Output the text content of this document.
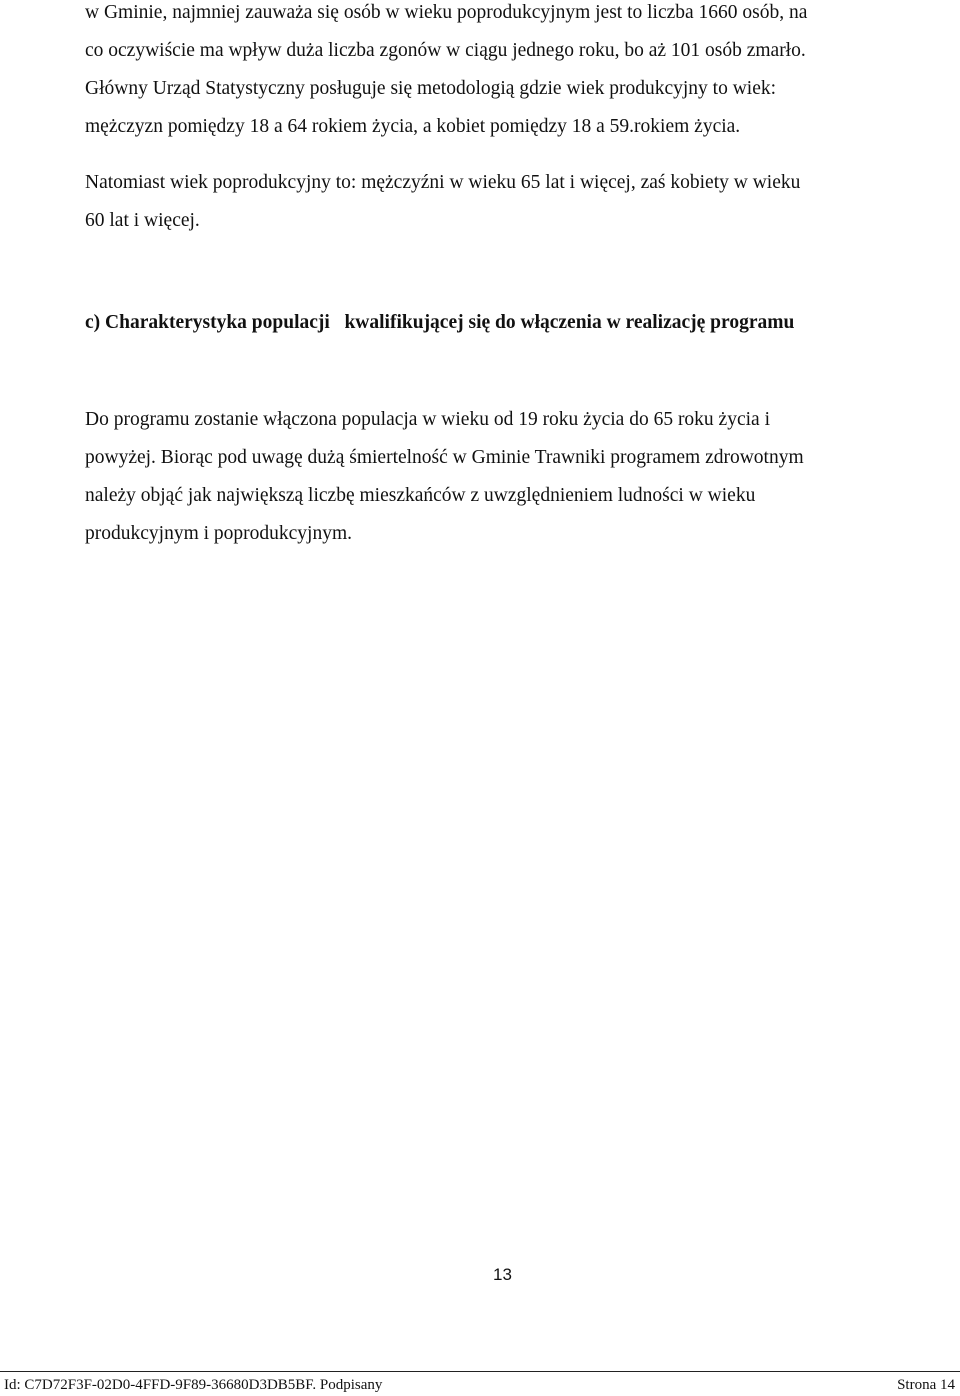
w Gminie, najmniej zauważa się osób w wieku poprodukcyjnym jest to liczba 1660 osób, na
co oczywiście ma wpływ duża liczba zgonów w ciągu jednego roku, bo aż 101 osób zmarło.
Główny Urząd Statystyczny posługuje się metodologią gdzie wiek produkcyjny to wiek:
mężczyzn pomiędzy 18 a 64 rokiem życia, a kobiet pomiędzy 18 a 59.rokiem życia.
Natomiast wiek poprodukcyjny to: mężczyźni w wieku 65 lat i więcej, zaś kobiety w wieku
60 lat i więcej.
c) Charakterystyka populacji   kwalifikującej się do włączenia w realizację programu
Do programu zostanie włączona populacja w wieku od 19 roku życia do 65 roku życia i
powyżej. Biorąc pod uwagę dużą śmiertelność w Gminie Trawniki programem zdrowotnym
należy objąć jak największą liczbę mieszkańców z uwzględnieniem ludności w wieku
produkcyjnym i poprodukcyjnym.
13
Id: C7D72F3F-02D0-4FFD-9F89-36680D3DB5BF. Podpisany	Strona 14
